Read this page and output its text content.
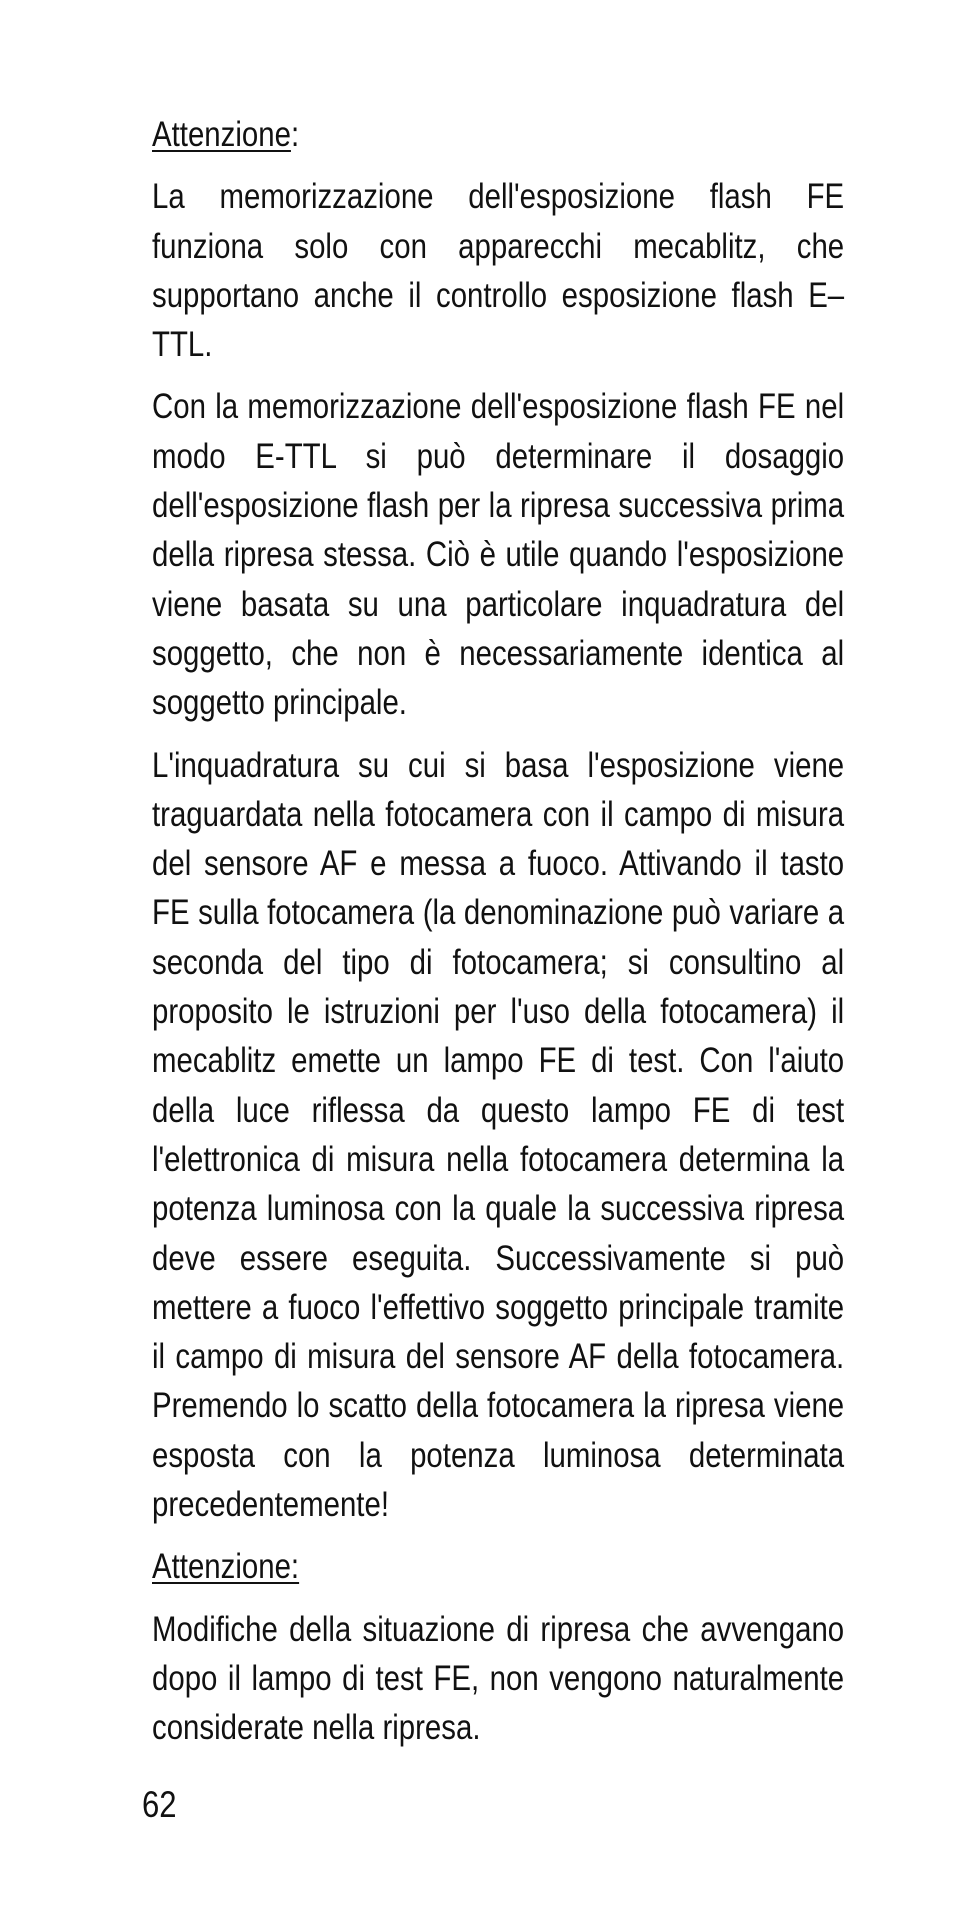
Attenzione:

La memorizzazione dell'esposizione flash FE funziona solo con apparecchi mecablitz, che supportano anche il controllo esposizione flash E–TTL.

Con la memorizzazione dell'esposizione flash FE nel modo E-TTL si può determinare il dosaggio dell'esposizione flash per la ripresa successiva prima della ripresa stessa. Ciò è utile quando l'esposizione viene basata su una particolare inquadratura del soggetto, che non è necessariamente identica al soggetto principale.

L'inquadratura su cui si basa l'esposizione viene traguardata nella fotocamera con il campo di misura del sensore AF e messa a fuoco. Attivando il tasto FE sulla fotocamera (la denominazione può variare a seconda del tipo di fotocamera; si consultino al proposito le istruzioni per l'uso della fotocamera) il mecablitz emette un lampo FE di test. Con l'aiuto della luce riflessa da questo lampo FE di test l'elettronica di misura nella fotocamera determina la potenza luminosa con la quale la successiva ripresa deve essere eseguita. Successivamente si può mettere a fuoco l'effettivo soggetto principale tramite il campo di misura del sensore AF della fotocamera. Premendo lo scatto della fotocamera la ripresa viene esposta con la potenza luminosa determinata precedentemente!

Attenzione:

Modifiche della situazione di ripresa che avvengano dopo il lampo di test FE, non vengono naturalmente considerate nella ripresa.

62
